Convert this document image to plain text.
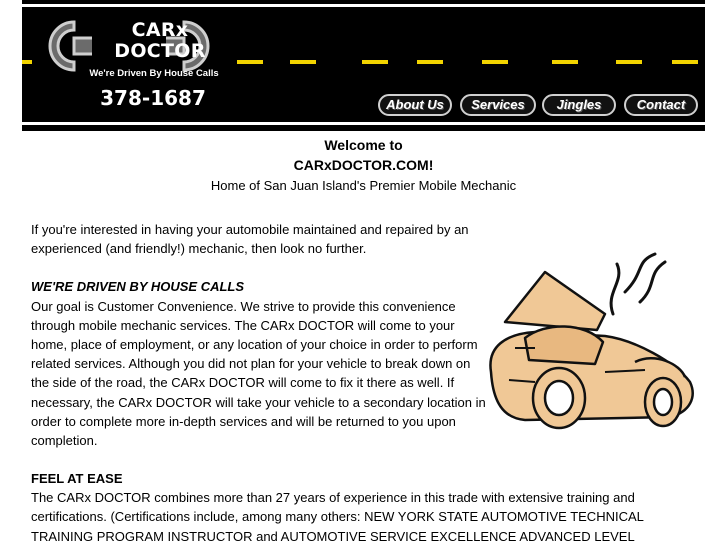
CARx
DOCTOR
We're Driven By House Calls
378-1687	About Us	Services	Jingles	Contact
Welcome to
CARxDOCTOR.COM!
Home of San Juan Island's Premier Mobile Mechanic

If you're interested in having your automobile maintained and repaired by an experienced (and friendly!) mechanic, then look no further.

WE'RE DRIVEN BY HOUSE CALLS

Our goal is Customer Convenience. We strive to provide this convenience through mobile mechanic services. The CARx DOCTOR will come to your home, place of employment, or any location of your choice in order to perform related services. Although you did not plan for your vehicle to break down on the side of the road, the CARx DOCTOR will come to fix it there as well. If necessary, the CARx DOCTOR will take your vehicle to a secondary location in order to complete more in-depth services and will be returned to you upon completion.

FEEL AT EASE

The CARx DOCTOR combines more than 27 years of experience in this trade with extensive training and certifications. (Certifications include, among many others: NEW YORK STATE AUTOMOTIVE TECHNICAL TRAINING PROGRAM INSTRUCTOR and AUTOMOTIVE SERVICE EXCELLENCE ADVANCED LEVEL
